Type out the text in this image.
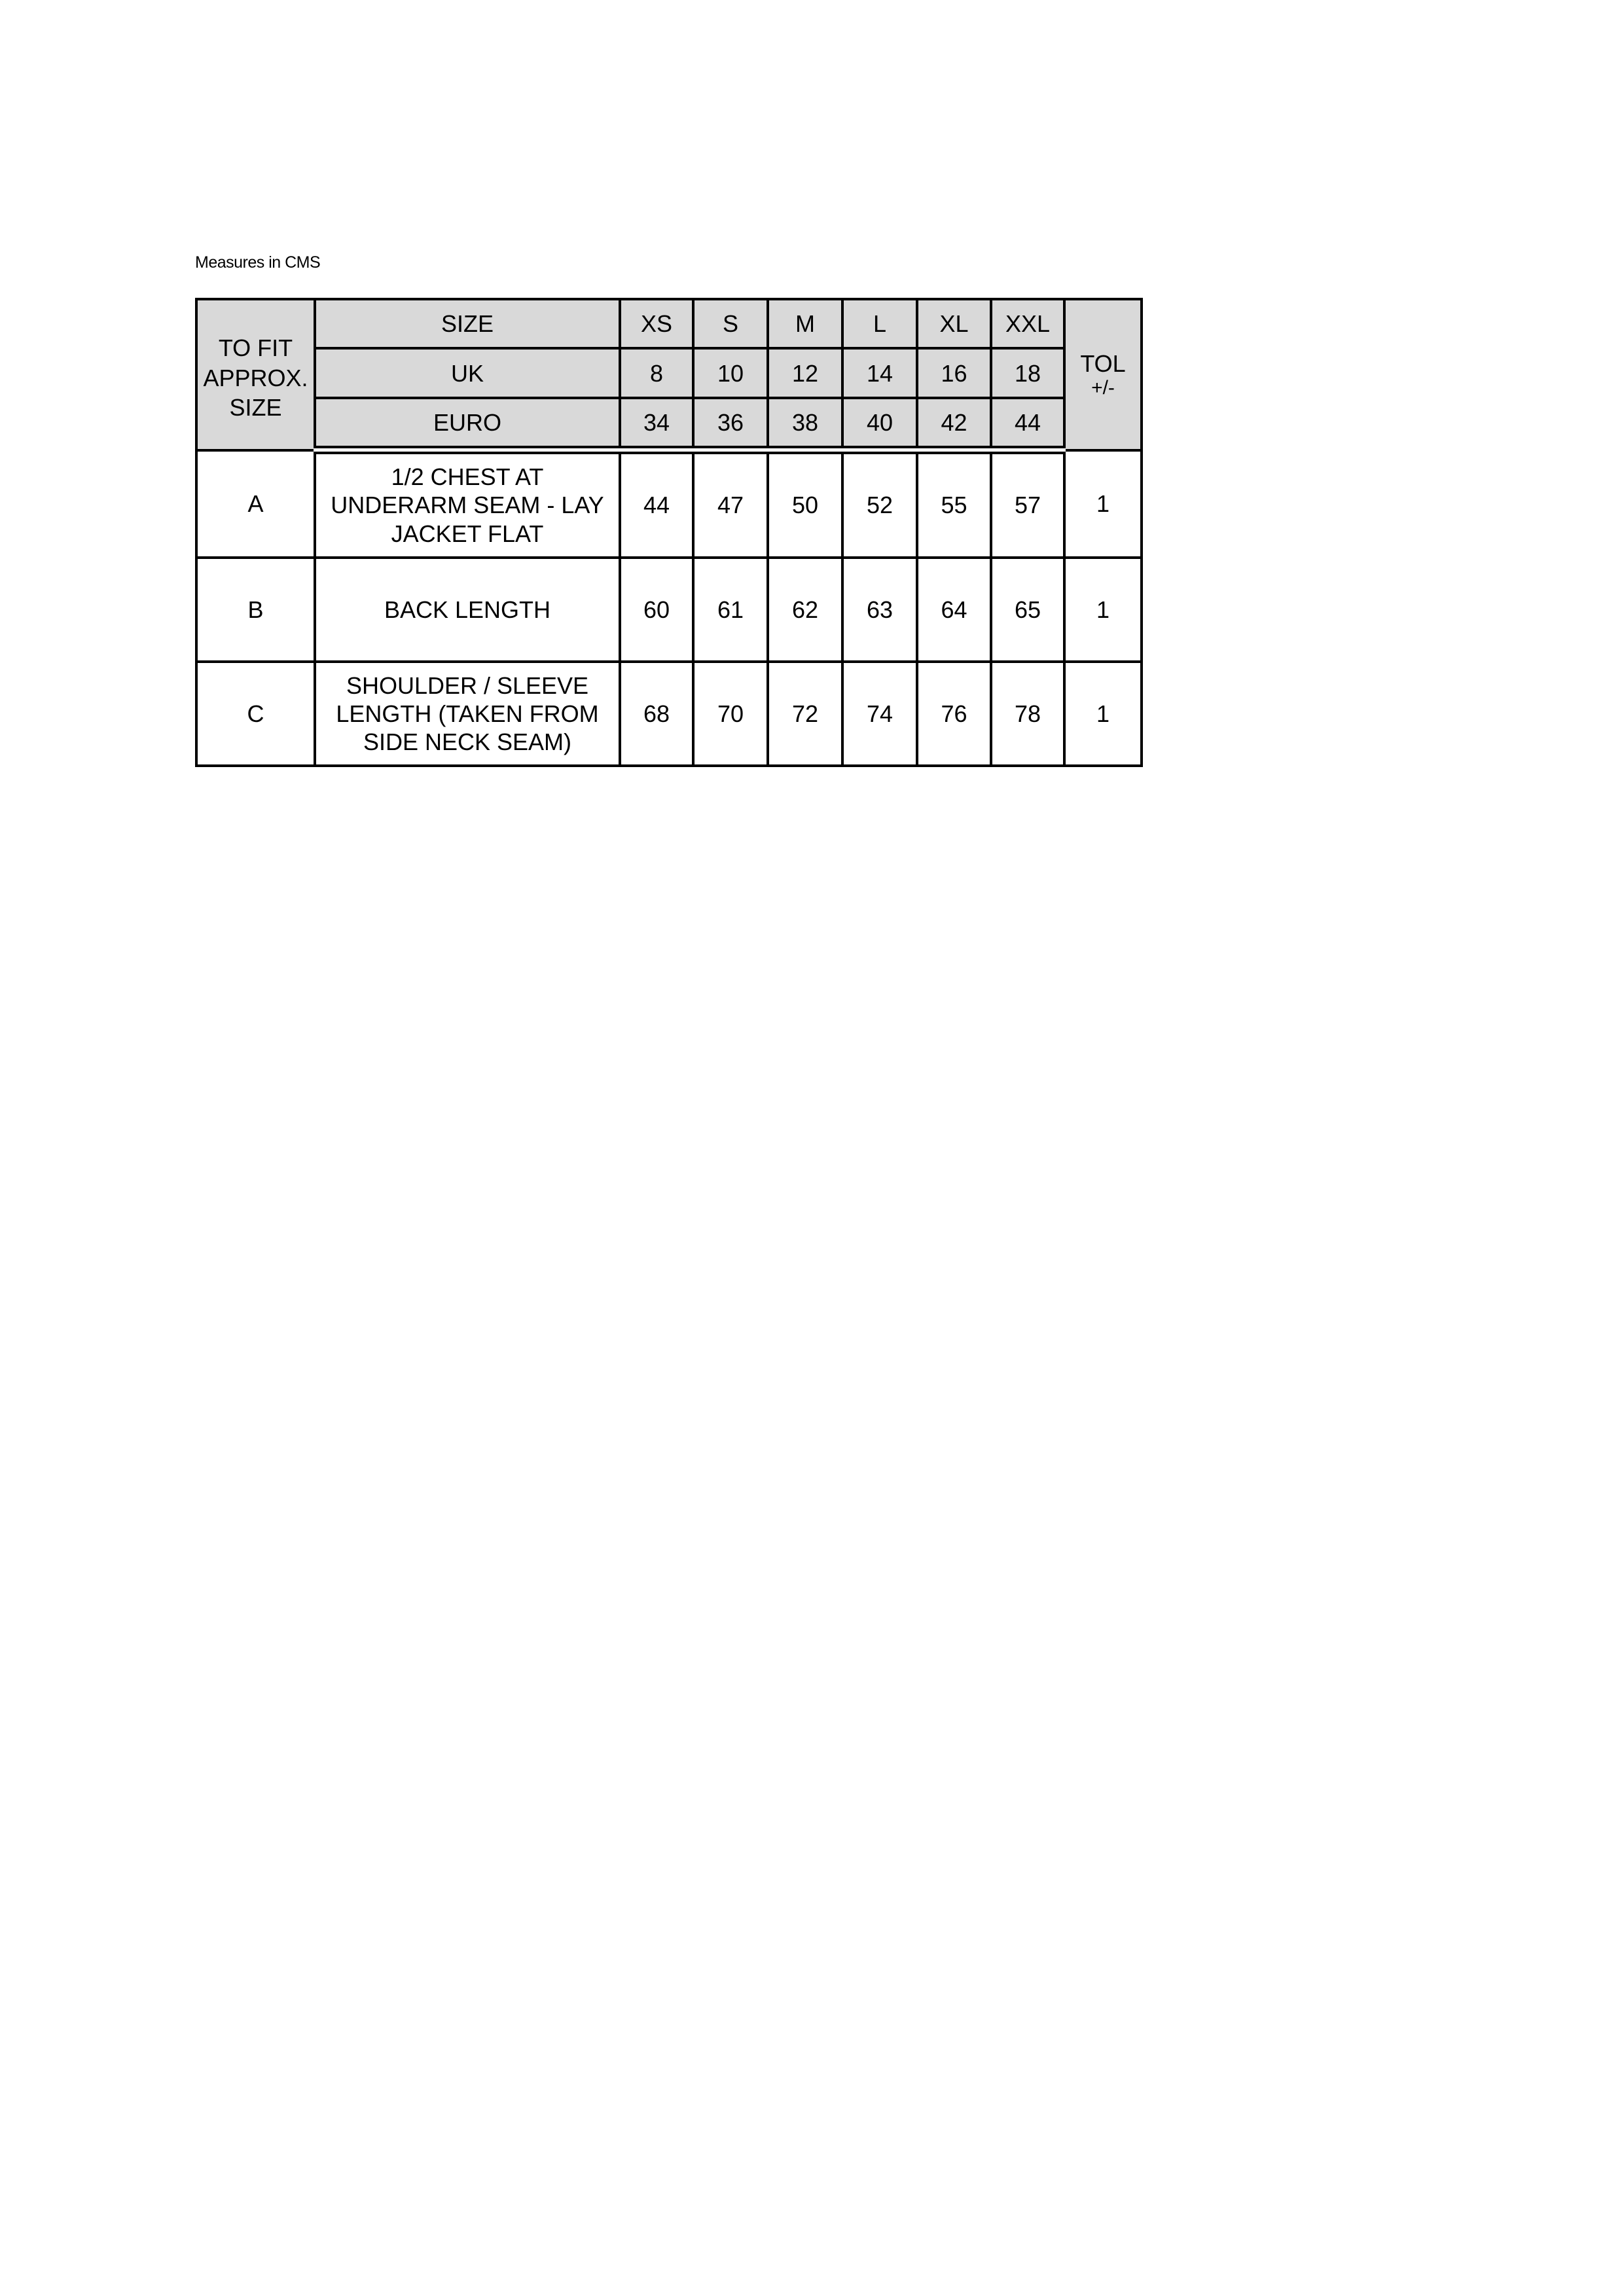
Measures in CMS
TO FIT
APPROX.
SIZE	SIZE	XS	S	M	L	XL	XXL	TOL
+/-

	UK	8	10	12	14	16	18	
	EURO	34	36	38	40	42	44	
A	1/2 CHEST AT
UNDERARM SEAM - LAY
JACKET FLAT	44	47	50	52	55	57	1
B	BACK LENGTH	60	61	62	63	64	65	1
C	SHOULDER / SLEEVE
LENGTH (TAKEN FROM
SIDE NECK SEAM)	68	70	72	74	76	78	1
